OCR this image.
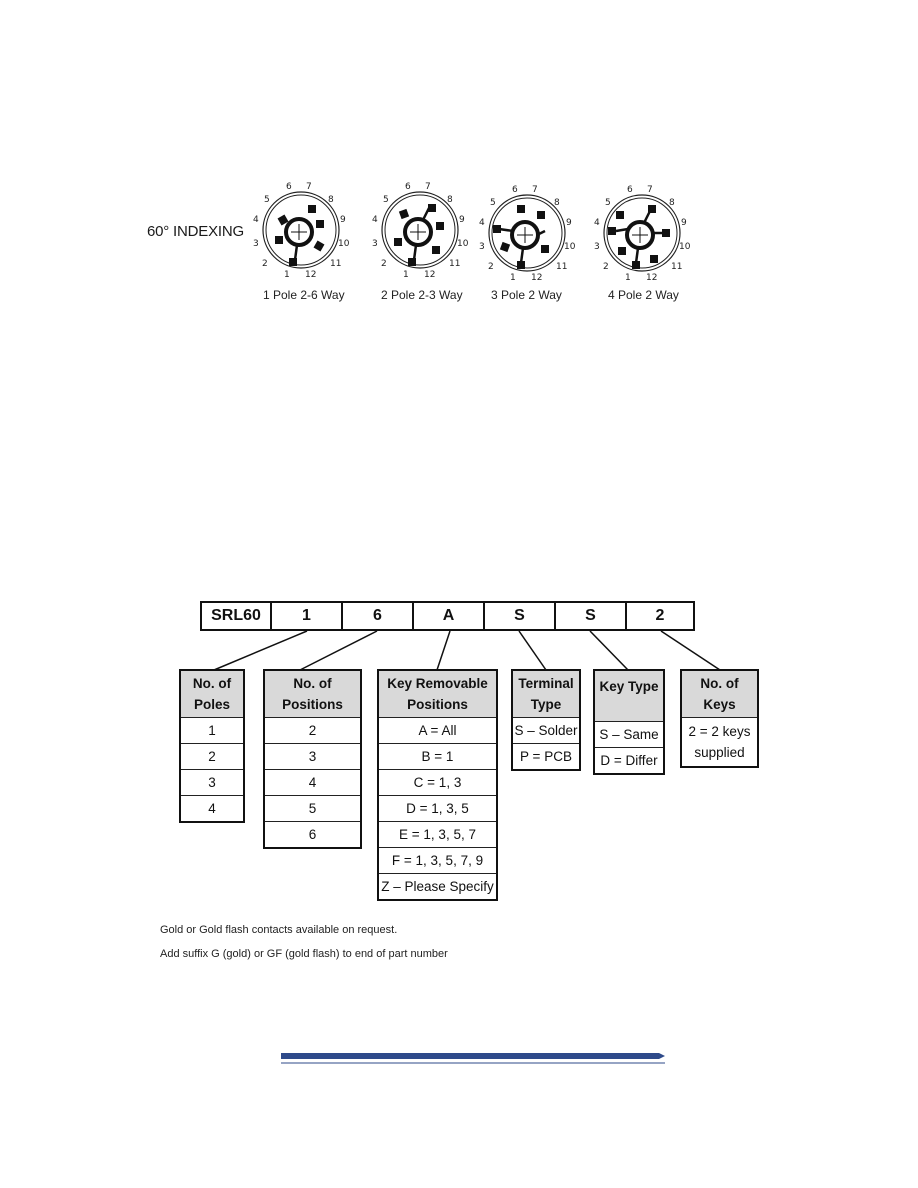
60° INDEXING
6 7
5	8
4	9
3	10
2	11
1 12
1 Pole 2-6 Way
6 7
5	8
4	9
3	10
2	11
1 12
2 Pole 2-3 Way
6 7
5	8
4	9
3	10
2	11
1 12
3 Pole 2 Way
6 7
5	8
4	9
3	10
2	11
1 12
4 Pole 2 Way
SRL60	1	6	A	S	S	2
No. of
Poles
1
2
3
4
No. of
Positions
2
3
4
5
6
Key Removable
Positions
A = All
B = 1
C = 1, 3
D = 1, 3, 5
E = 1, 3, 5, 7
F = 1, 3, 5, 7, 9
Z – Please Specify
Terminal
Type
S – Solder
P = PCB
Key Type

S – Same
D = Differ
No. of
Keys
2 = 2 keys supplied
Gold or Gold flash contacts available on request.
Add suffix G (gold) or GF (gold flash) to end of part number
